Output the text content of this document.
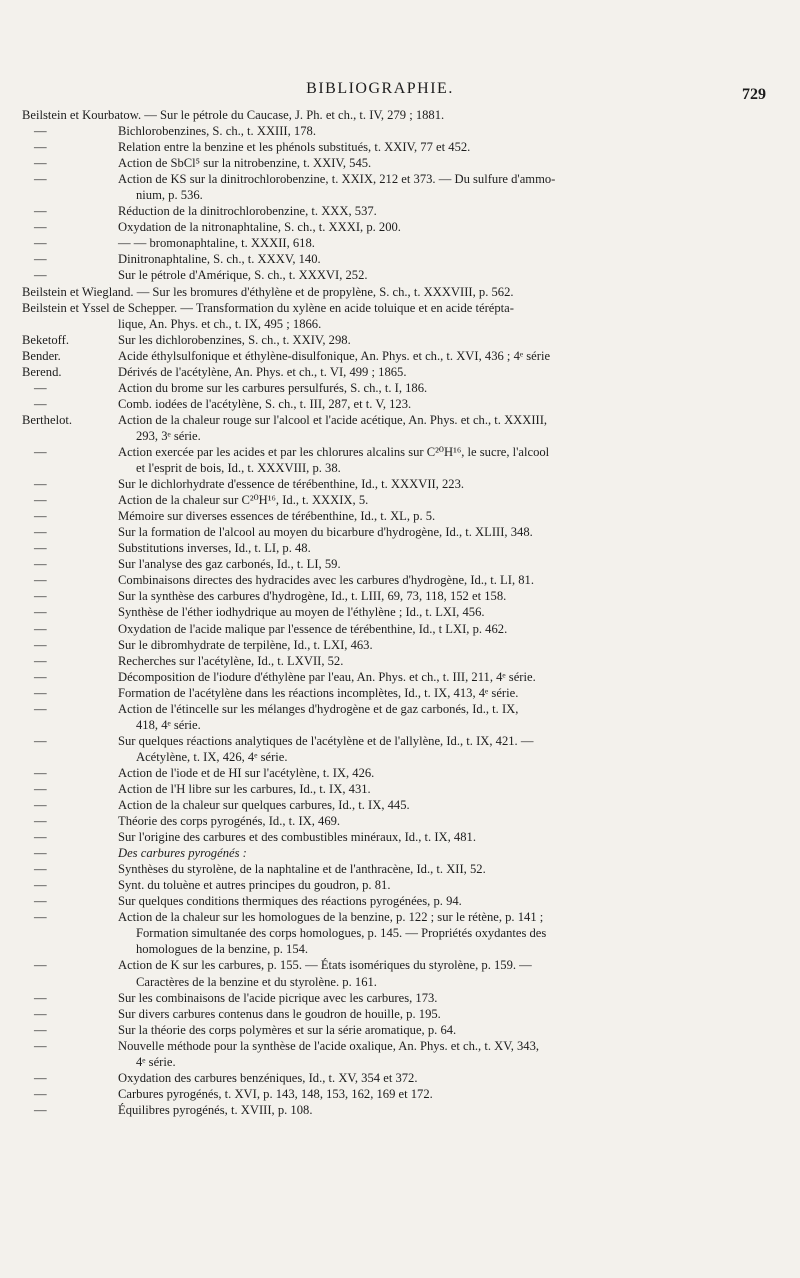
BIBLIOGRAPHIE.	729
Beilstein et Kourbatow. — Sur le pétrole du Caucase, J. Ph. et ch., t. IV, 279 ; 1881.
—	Bichlorobenzines, S. ch., t. XXIII, 178.
—	Relation entre la benzine et les phénols substitués, t. XXIV, 77 et 452.
—	Action de SbCl⁵ sur la nitrobenzine, t. XXIV, 545.
—	Action de KS sur la dinitrochlorobenzine, t. XXIX, 212 et 373. — Du sulfure d'ammo-
nium, p. 536.
—	Réduction de la dinitrochlorobenzine, t. XXX, 537.
—	Oxydation de la nitronaphtaline, S. ch., t. XXXI, p. 200.
—	— — bromonaphtaline, t. XXXII, 618.
—	Dinitronaphtaline, S. ch., t. XXXV, 140.
—	Sur le pétrole d'Amérique, S. ch., t. XXXVI, 252.
Beilstein et Wiegland. — Sur les bromures d'éthylène et de propylène, S. ch., t. XXXVIII, p. 562.
Beilstein et Yssel de Schepper. — Transformation du xylène en acide toluique et en acide térépta-
lique, An. Phys. et ch., t. IX, 495 ; 1866.
Beketoff.	Sur les dichlorobenzines, S. ch., t. XXIV, 298.
Bender.	Acide éthylsulfonique et éthylène-disulfonique, An. Phys. et ch., t. XVI, 436 ; 4ᵉ série
Berend.	Dérivés de l'acétylène, An. Phys. et ch., t. VI, 499 ; 1865.
—	Action du brome sur les carbures persulfurés, S. ch., t. I, 186.
—	Comb. iodées de l'acétylène, S. ch., t. III, 287, et t. V, 123.
Berthelot.	Action de la chaleur rouge sur l'alcool et l'acide acétique, An. Phys. et ch., t. XXXIII,
293, 3ᵉ série.
—	Action exercée par les acides et par les chlorures alcalins sur C²⁰H¹⁶, le sucre, l'alcool
et l'esprit de bois, Id., t. XXXVIII, p. 38.
—	Sur le dichlorhydrate d'essence de térébenthine, Id., t. XXXVII, 223.
—	Action de la chaleur sur C²⁰H¹⁶, Id., t. XXXIX, 5.
—	Mémoire sur diverses essences de térébenthine, Id., t. XL, p. 5.
—	Sur la formation de l'alcool au moyen du bicarbure d'hydrogène, Id., t. XLIII, 348.
—	Substitutions inverses, Id., t. LI, p. 48.
—	Sur l'analyse des gaz carbonés, Id., t. LI, 59.
—	Combinaisons directes des hydracides avec les carbures d'hydrogène, Id., t. LI, 81.
—	Sur la synthèse des carbures d'hydrogène, Id., t. LIII, 69, 73, 118, 152 et 158.
—	Synthèse de l'éther iodhydrique au moyen de l'éthylène ; Id., t. LXI, 456.
—	Oxydation de l'acide malique par l'essence de térébenthine, Id., t LXI, p. 462.
—	Sur le dibromhydrate de terpilène, Id., t. LXI, 463.
—	Recherches sur l'acétylène, Id., t. LXVII, 52.
—	Décomposition de l'iodure d'éthylène par l'eau, An. Phys. et ch., t. III, 211, 4ᵉ série.
—	Formation de l'acétylène dans les réactions incomplètes, Id., t. IX, 413, 4ᵉ série.
—	Action de l'étincelle sur les mélanges d'hydrogène et de gaz carbonés, Id., t. IX,
418, 4ᵉ série.
—	Sur quelques réactions analytiques de l'acétylène et de l'allylène, Id., t. IX, 421. —
Acétylène, t. IX, 426, 4ᵉ série.
—	Action de l'iode et de HI sur l'acétylène, t. IX, 426.
—	Action de l'H libre sur les carbures, Id., t. IX, 431.
—	Action de la chaleur sur quelques carbures, Id., t. IX, 445.
—	Théorie des corps pyrogénés, Id., t. IX, 469.
—	Sur l'origine des carbures et des combustibles minéraux, Id., t. IX, 481.
—	Des carbures pyrogénés :
—	Synthèses du styrolène, de la naphtaline et de l'anthracène, Id., t. XII, 52.
—	Synt. du toluène et autres principes du goudron, p. 81.
—	Sur quelques conditions thermiques des réactions pyrogénées, p. 94.
—	Action de la chaleur sur les homologues de la benzine, p. 122 ; sur le rétène, p. 141 ;
Formation simultanée des corps homologues, p. 145. — Propriétés oxydantes des
homologues de la benzine, p. 154.
—	Action de K sur les carbures, p. 155. — États isomériques du styrolène, p. 159. —
Caractères de la benzine et du styrolène. p. 161.
—	Sur les combinaisons de l'acide picrique avec les carbures, 173.
—	Sur divers carbures contenus dans le goudron de houille, p. 195.
—	Sur la théorie des corps polymères et sur la série aromatique, p. 64.
—	Nouvelle méthode pour la synthèse de l'acide oxalique, An. Phys. et ch., t. XV, 343,
4ᵉ série.
—	Oxydation des carbures benzéniques, Id., t. XV, 354 et 372.
—	Carbures pyrogénés, t. XVI, p. 143, 148, 153, 162, 169 et 172.
—	Équilibres pyrogénés, t. XVIII, p. 108.
